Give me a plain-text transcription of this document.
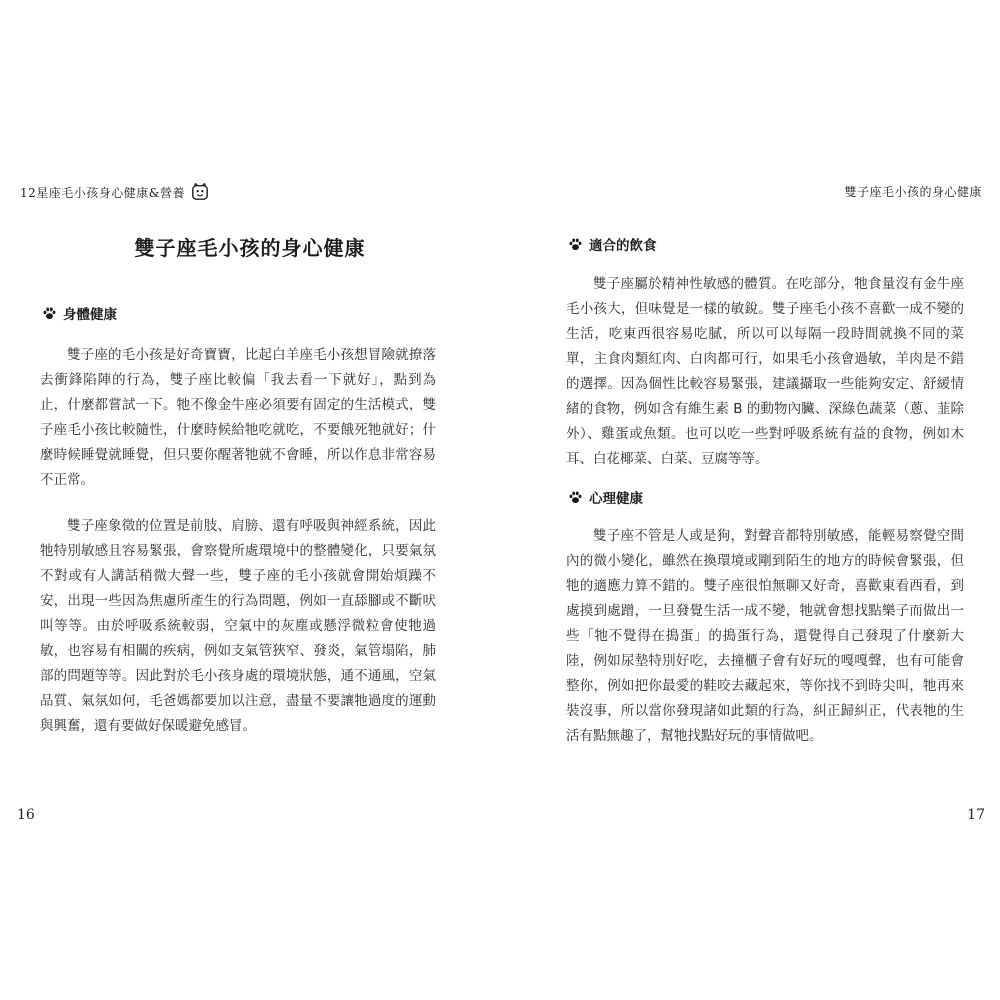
12星座毛小孩身心健康&營養
雙子座毛小孩的身心健康
身體健康

雙子座的毛小孩是好奇寶寶，比起白羊座毛小孩想冒險就撩落去衝鋒陷陣的行為，雙子座比較偏「我去看一下就好」，點到為止，什麼都嘗試一下。牠不像金牛座必須要有固定的生活模式，雙子座毛小孩比較隨性，什麼時候給牠吃就吃，不要餓死牠就好；什麼時候睡覺就睡覺，但只要你醒著牠就不會睡，所以作息非常容易不正常。

雙子座象徵的位置是前肢、肩膀、還有呼吸與神經系統，因此牠特別敏感且容易緊張，會察覺所處環境中的整體變化，只要氣氛不對或有人講話稍微大聲一些，雙子座的毛小孩就會開始煩躁不安，出現一些因為焦慮所產生的行為問題，例如一直舔腳或不斷吠叫等等。由於呼吸系統較弱，空氣中的灰塵或懸浮微粒會使牠過敏，也容易有相關的疾病，例如支氣管狹窄、發炎，氣管塌陷，肺部的問題等等。因此對於毛小孩身處的環境狀態，通不通風，空氣品質、氣氛如何，毛爸媽都要加以注意，盡量不要讓牠過度的運動與興奮，還有要做好保暖避免感冒。

16
雙子座毛小孩的身心健康
適合的飲食

雙子座屬於精神性敏感的體質。在吃部分，牠食量沒有金牛座毛小孩大，但味覺是一樣的敏銳。雙子座毛小孩不喜歡一成不變的生活，吃東西很容易吃膩，所以可以每隔一段時間就換不同的菜單，主食肉類紅肉、白肉都可行，如果毛小孩會過敏，羊肉是不錯的選擇。因為個性比較容易緊張，建議攝取一些能夠安定、舒緩情緒的食物，例如含有維生素 B 的動物內臟、深綠色蔬菜（蔥、韮除外）、雞蛋或魚類。也可以吃一些對呼吸系統有益的食物，例如木耳、白花椰菜、白菜、豆腐等等。

心理健康

雙子座不管是人或是狗，對聲音都特別敏感，能輕易察覺空間內的微小變化，雖然在換環境或剛到陌生的地方的時候會緊張，但牠的適應力算不錯的。雙子座很怕無聊又好奇，喜歡東看西看，到處摸到處蹭，一旦發覺生活一成不變，牠就會想找點樂子而做出一些「牠不覺得在搗蛋」的搗蛋行為，還覺得自己發現了什麼新大陸，例如尿墊特別好吃，去撞櫃子會有好玩的嘎嘎聲，也有可能會整你，例如把你最愛的鞋咬去藏起來，等你找不到時尖叫，牠再來裝沒事，所以當你發現諸如此類的行為，糾正歸糾正，代表牠的生活有點無趣了，幫牠找點好玩的事情做吧。

17
